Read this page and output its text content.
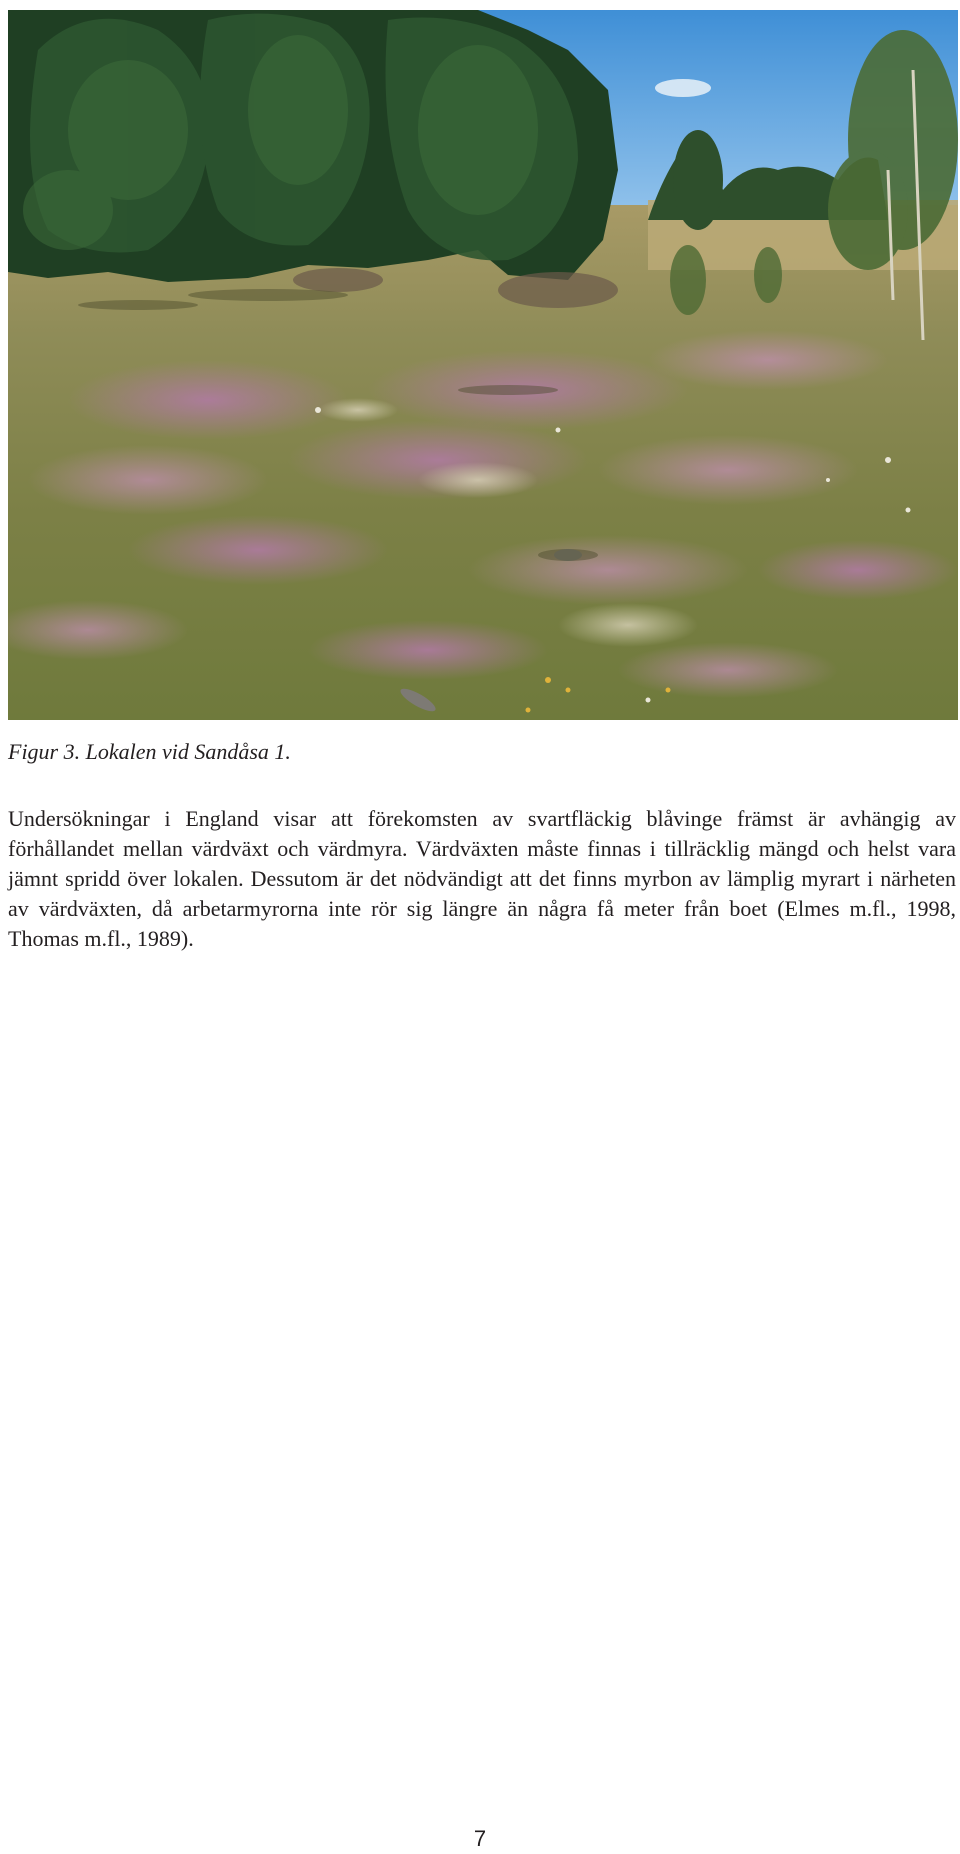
Figur 3. Lokalen vid Sandåsa 1.

Undersökningar i England visar att förekomsten av svartfläckig blåvinge främst är avhängig av förhållandet mellan värdväxt och värdmyra. Värdväxten måste finnas i tillräcklig mängd och helst vara jämnt spridd över lokalen. Dessutom är det nödvändigt att det finns myrbon av lämplig myrart i närheten av värdväxten, då arbetarmyrorna inte rör sig längre än några få meter från boet (Elmes m.fl., 1998, Thomas m.fl., 1989).

7
